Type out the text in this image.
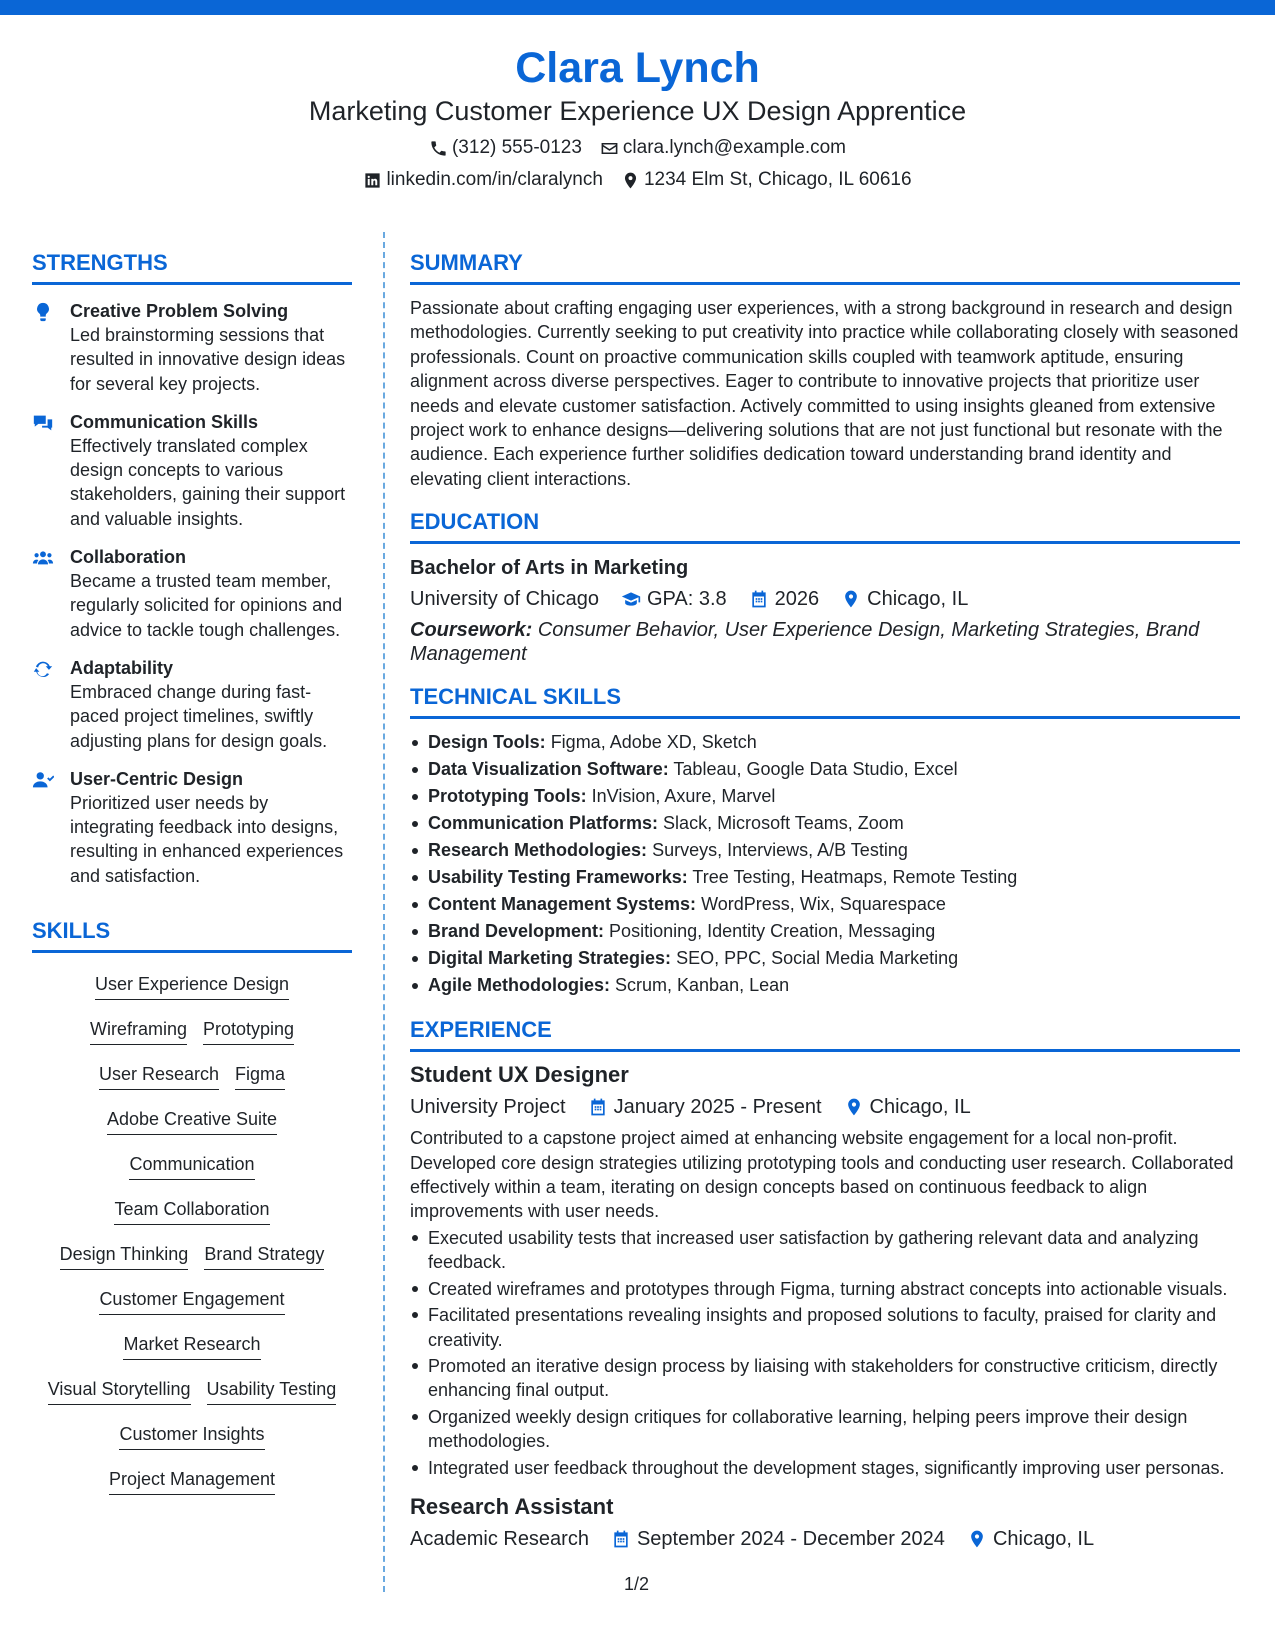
Clara Lynch
Marketing Customer Experience UX Design Apprentice
(312) 555-0123 clara.lynch@example.com
linkedin.com/in/claralynch 1234 Elm St, Chicago, IL 60616
STRENGTHS
Creative Problem Solving
Led brainstorming sessions that resulted in innovative design ideas for several key projects.
Communication Skills
Effectively translated complex design concepts to various stakeholders, gaining their support and valuable insights.
Collaboration
Became a trusted team member, regularly solicited for opinions and advice to tackle tough challenges.
Adaptability
Embraced change during fast-paced project timelines, swiftly adjusting plans for design goals.
User-Centric Design
Prioritized user needs by integrating feedback into designs, resulting in enhanced experiences and satisfaction.
SKILLS
User Experience Design
Wireframing Prototyping
User Research Figma
Adobe Creative Suite
Communication
Team Collaboration
Design Thinking Brand Strategy
Customer Engagement
Market Research
Visual Storytelling Usability Testing
Customer Insights
Project Management
SUMMARY
Passionate about crafting engaging user experiences, with a strong background in research and design methodologies. Currently seeking to put creativity into practice while collaborating closely with seasoned professionals. Count on proactive communication skills coupled with teamwork aptitude, ensuring alignment across diverse perspectives. Eager to contribute to innovative projects that prioritize user needs and elevate customer satisfaction. Actively committed to using insights gleaned from extensive project work to enhance designs—delivering solutions that are not just functional but resonate with the audience. Each experience further solidifies dedication toward understanding brand identity and elevating client interactions.
EDUCATION
Bachelor of Arts in Marketing
University of Chicago GPA: 3.8 2026 Chicago, IL
Coursework: Consumer Behavior, User Experience Design, Marketing Strategies, Brand Management
TECHNICAL SKILLS
Design Tools: Figma, Adobe XD, Sketch
Data Visualization Software: Tableau, Google Data Studio, Excel
Prototyping Tools: InVision, Axure, Marvel
Communication Platforms: Slack, Microsoft Teams, Zoom
Research Methodologies: Surveys, Interviews, A/B Testing
Usability Testing Frameworks: Tree Testing, Heatmaps, Remote Testing
Content Management Systems: WordPress, Wix, Squarespace
Brand Development: Positioning, Identity Creation, Messaging
Digital Marketing Strategies: SEO, PPC, Social Media Marketing
Agile Methodologies: Scrum, Kanban, Lean
EXPERIENCE
Student UX Designer
University Project January 2025 - Present Chicago, IL
Contributed to a capstone project aimed at enhancing website engagement for a local non-profit. Developed core design strategies utilizing prototyping tools and conducting user research. Collaborated effectively within a team, iterating on design concepts based on continuous feedback to align improvements with user needs.
Executed usability tests that increased user satisfaction by gathering relevant data and analyzing feedback.
Created wireframes and prototypes through Figma, turning abstract concepts into actionable visuals.
Facilitated presentations revealing insights and proposed solutions to faculty, praised for clarity and creativity.
Promoted an iterative design process by liaising with stakeholders for constructive criticism, directly enhancing final output.
Organized weekly design critiques for collaborative learning, helping peers improve their design methodologies.
Integrated user feedback throughout the development stages, significantly improving user personas.
Research Assistant
Academic Research September 2024 - December 2024 Chicago, IL
1/2
